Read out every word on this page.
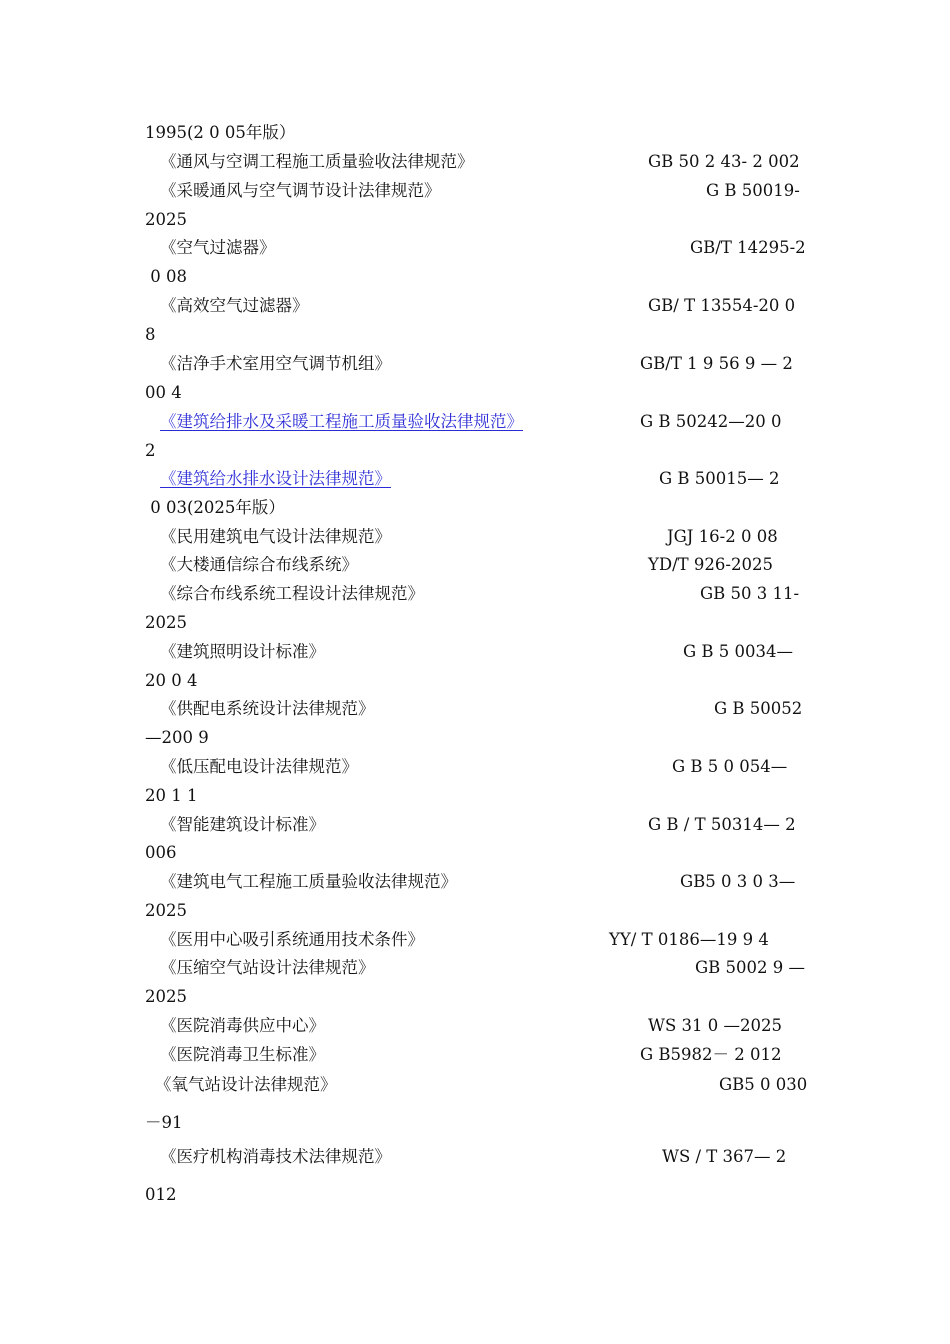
1995(2 0 05年版）
《通风与空调工程施工质量验收法律规范》	GB 50 2 43- 2 002
《采暖通风与空气调节设计法律规范》	G B 50019-
2025
《空气过滤器》	GB/T 14295-2
0 08
《高效空气过滤器》	GB/ T 13554-20 0
8
《洁净手术室用空气调节机组》	GB/T 1 9 56 9 — 2
00 4
《建筑给排水及采暖工程施工质量验收法律规范》	G B 50242—20 0
2
《建筑给水排水设计法律规范》	G B 50015— 2
0 03(2025年版）
《民用建筑电气设计法律规范》	JGJ 16-2 0 08
《大楼通信综合布线系统》	YD/T 926-2025
《综合布线系统工程设计法律规范》	GB 50 3 11-
2025
《建筑照明设计标准》	G B 5 0034—
20 0 4
《供配电系统设计法律规范》	G B 50052
—200 9
《低压配电设计法律规范》	G B 5 0 054—
20 1 1
《智能建筑设计标准》	G B / T 50314— 2
006
《建筑电气工程施工质量验收法律规范》	GB5 0 3 0 3—
2025
《医用中心吸引系统通用技术条件》	YY/ T 0186—19 9 4
《压缩空气站设计法律规范》	GB 5002 9 —
2025
《医院消毒供应中心》	WS 31 0 —2025
《医院消毒卫生标准》	G B5982－ 2 012
《氧气站设计法律规范》	GB5 0 030
－91
《医疗机构消毒技术法律规范》	WS / T 367— 2
012
